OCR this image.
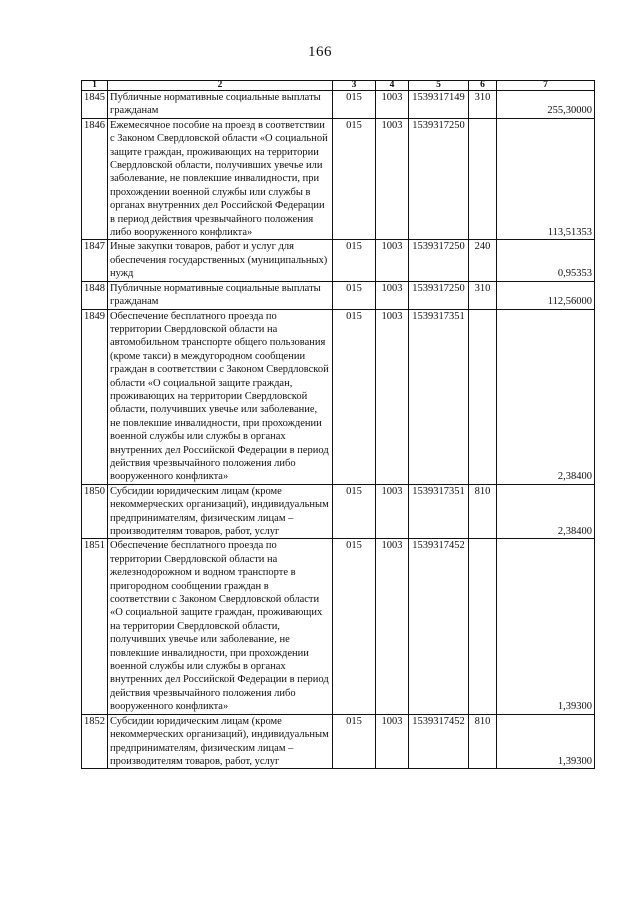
166
1	2	3	4	5	6	7
1845	Публичные нормативные социальные выплаты гражданам	015	1003	1539317149	310	255,30000
1846	Ежемесячное пособие на проезд в соответствии с Законом Свердловской области «О социальной защите граждан, проживающих на территории Свердловской области, получивших увечье или заболевание, не повлекшие инвалидности, при прохождении военной службы или службы в органах внутренних дел Российской Федерации в период действия чрезвычайного положения либо вооруженного конфликта»	015	1003	1539317250		113,51353
1847	Иные закупки товаров, работ и услуг для обеспечения государственных (муниципальных) нужд	015	1003	1539317250	240	0,95353
1848	Публичные нормативные социальные выплаты гражданам	015	1003	1539317250	310	112,56000
1849	Обеспечение бесплатного проезда по территории Свердловской области на автомобильном транспорте общего пользования (кроме такси) в междугородном сообщении граждан в соответствии с Законом Свердловской области «О социальной защите граждан, проживающих на территории Свердловской области, получивших увечье или заболевание, не повлекшие инвалидности, при прохождении военной службы или службы в органах внутренних дел Российской Федерации в период действия чрезвычайного положения либо вооруженного конфликта»	015	1003	1539317351		2,38400
1850	Субсидии юридическим лицам (кроме некоммерческих организаций), индивидуальным предпринимателям, физическим лицам – производителям товаров, работ, услуг	015	1003	1539317351	810	2,38400
1851	Обеспечение бесплатного проезда по территории Свердловской области на железнодорожном и водном транспорте в пригородном сообщении граждан в соответствии с Законом Свердловской области «О социальной защите граждан, проживающих на территории Свердловской области, получивших увечье или заболевание, не повлекшие инвалидности, при прохождении военной службы или службы в органах внутренних дел Российской Федерации в период действия чрезвычайного положения либо вооруженного конфликта»	015	1003	1539317452		1,39300
1852	Субсидии юридическим лицам (кроме некоммерческих организаций), индивидуальным предпринимателям, физическим лицам – производителям товаров, работ, услуг	015	1003	1539317452	810	1,39300
